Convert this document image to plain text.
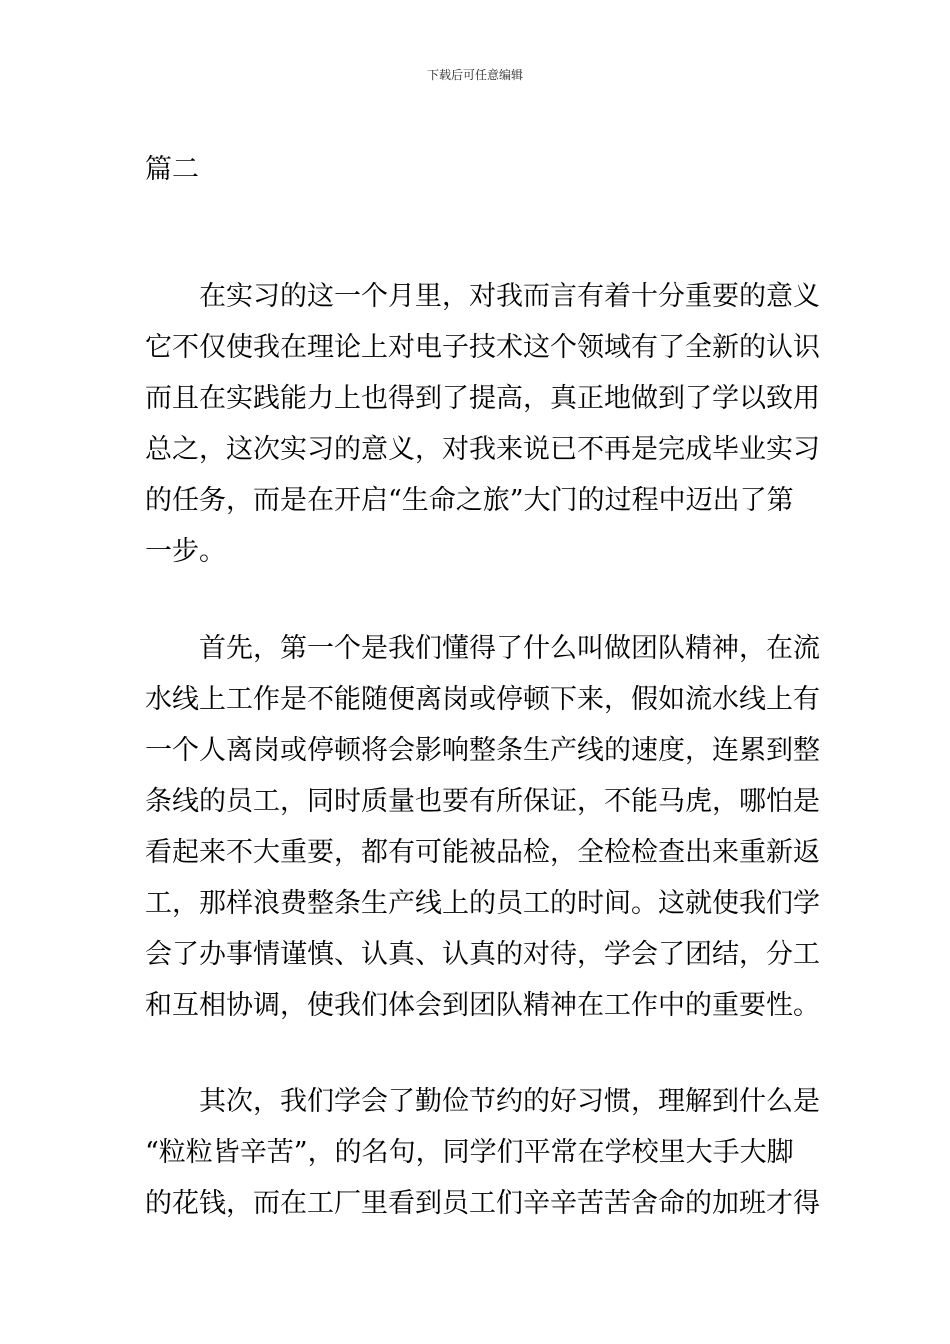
下载后可任意编辑
篇二
　　在实习的这一个月里，对我而言有着十分重要的意义
它不仅使我在理论上对电子技术这个领域有了全新的认识
而且在实践能力上也得到了提高，真正地做到了学以致用
总之，这次实习的意义，对我来说已不再是完成毕业实习
的任务，而是在开启“生命之旅”大门的过程中迈出了第
一步。
　　首先，第一个是我们懂得了什么叫做团队精神，在流
水线上工作是不能随便离岗或停顿下来，假如流水线上有
一个人离岗或停顿将会影响整条生产线的速度，连累到整
条线的员工，同时质量也要有所保证，不能马虎，哪怕是
看起来不大重要，都有可能被品检，全检检查出来重新返
工，那样浪费整条生产线上的员工的时间。这就使我们学
会了办事情谨慎、认真、认真的对待，学会了团结，分工
和互相协调，使我们体会到团队精神在工作中的重要性。
　　其次，我们学会了勤俭节约的好习惯，理解到什么是
“粒粒皆辛苦”，的名句，同学们平常在学校里大手大脚
的花钱，而在工厂里看到员工们辛辛苦苦舍命的加班才得
